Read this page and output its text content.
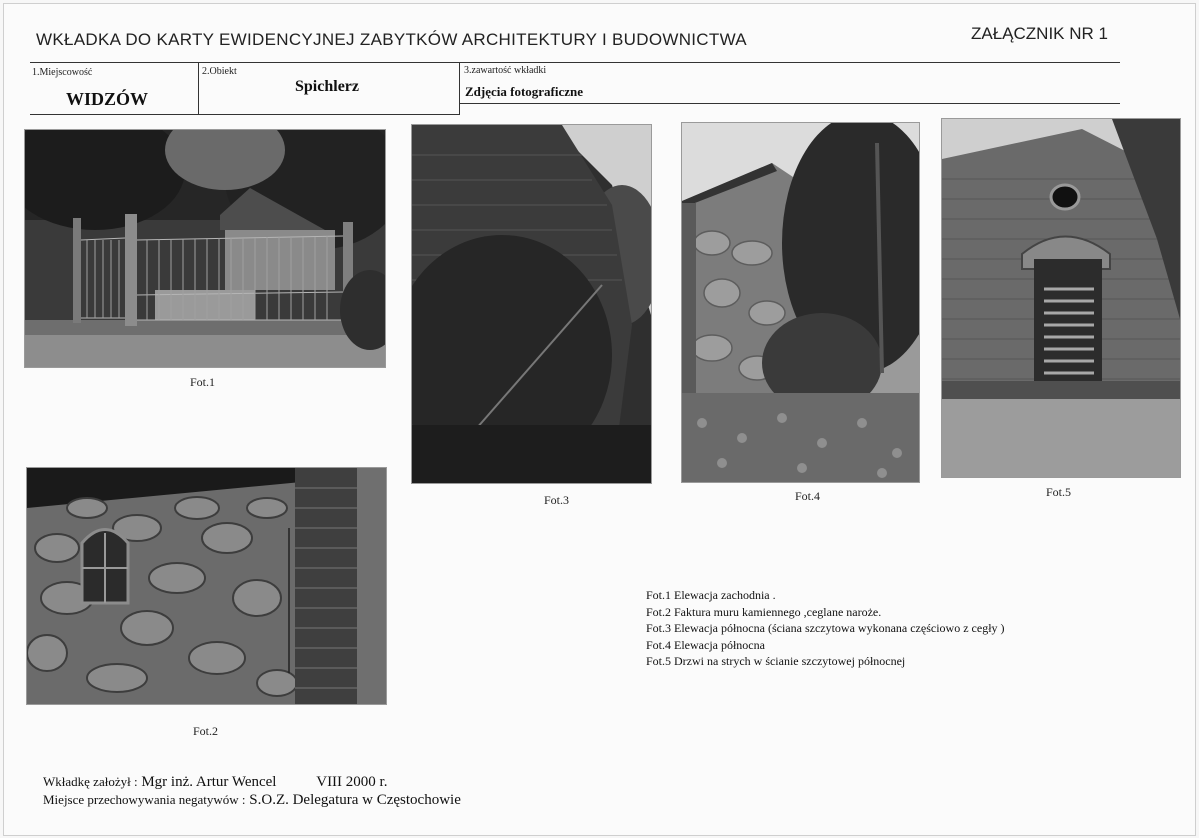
WKŁADKA DO KARTY EWIDENCYJNEJ ZABYTKÓW ARCHITEKTURY I BUDOWNICTWA	ZAŁĄCZNIK NR 1
1.Miejscowość
WIDZÓW
2.Obiekt
Spichlerz
3.zawartość wkładki
Zdjęcia fotograficzne
Fot.1
Fot.2
Fot.3	Fot.4	Fot.5
Fot.1 Elewacja zachodnia .
Fot.2 Faktura muru kamiennego ,ceglane naroże.
Fot.3 Elewacja północna (ściana szczytowa wykonana częściowo z cegły )
Fot.4 Elewacja północna
Fot.5 Drzwi na strych w ścianie szczytowej północnej
Wkładkę założył : Mgr inż. Artur Wencel	VIII 2000 r.
Miejsce przechowywania negatywów : S.O.Z. Delegatura w Częstochowie
